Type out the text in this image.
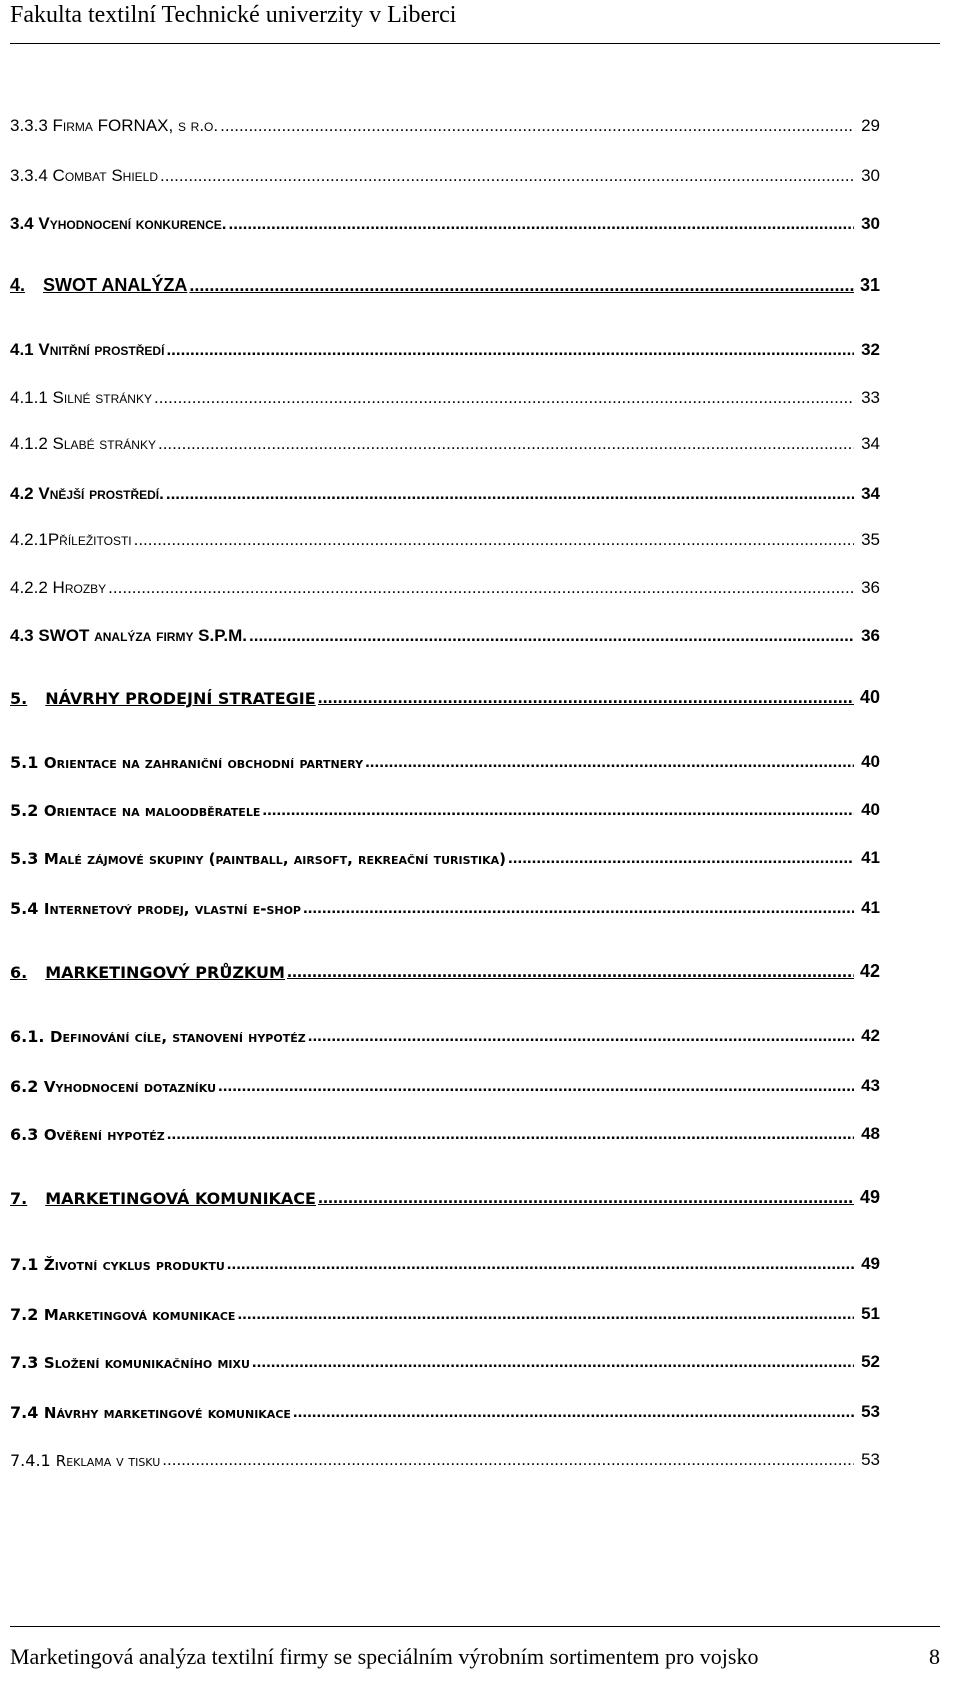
Fakulta textilní Technické univerzity v Liberci
3.3.3 Firma FORNAX, s r.o. .....	29
3.3.4 Combat Shield .....	30
3.4 Vyhodnocení konkurence. .....	30
4. SWOT ANALÝZA .....	31
4.1 Vnitřní prostředí .....	32
4.1.1 Silné stránky .....	33
4.1.2 Slabé stránky .....	34
4.2 Vnější prostředí. .....	34
4.2.1 Příležitosti .....	35
4.2.2 Hrozby .....	36
4.3 SWOT analýza firmy S.P.M. .....	36
5. NÁVRHY PRODEJNÍ STRATEGIE .....	40
5.1 Orientace na zahraniční obchodní partnery .....	40
5.2 Orientace na maloodběratele .....	40
5.3 Malé zájmové skupiny (paintball, airsoft, rekreační turistika) .....	41
5.4 Internetový prodej, vlastní e-shop .....	41
6. MARKETINGOVÝ PRŮZKUM .....	42
6.1. Definování cíle, stanovení hypotéz .....	42
6.2 Vyhodnocení dotazníku .....	43
6.3 Ověření hypotéz .....	48
7. MARKETINGOVÁ KOMUNIKACE .....	49
7.1 Životní cyklus produktu .....	49
7.2 Marketingová komunikace .....	51
7.3 Složení komunikačního mixu .....	52
7.4 Návrhy marketingové komunikace .....	53
7.4.1 Reklama v tisku .....	53
Marketingová analýza textilní firmy se speciálním výrobním sortimentem pro vojsko	8
